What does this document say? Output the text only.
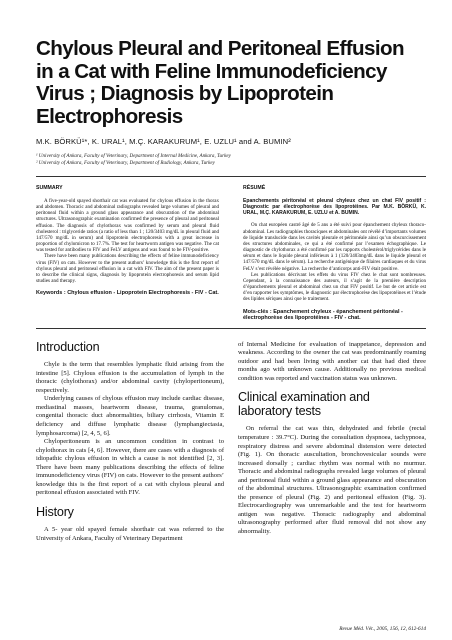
Chylous Pleural and Peritoneal Effusion in a Cat with Feline Immunodeficiency Virus ; Diagnosis by Lipoprotein Electrophoresis
M.K. BÖRKÜ¹*, K. URAL¹, M.Ç. KARAKURUM¹, E. UZLU¹ and A. BUMIN²
¹ University of Ankara, Faculty of Veterinary, Department of Internal Medicine, Ankara, Turkey
² University of Ankara, Faculty of Veterinary, Department of Radiology, Ankara, Turkey
SUMMARY

A five-year-old spayed shorthair cat was evaluated for chylous effusion in the thorax and abdomen. Thoracic and abdominal radiographs revealed large volumes of pleural and peritoneal fluid within a ground glass appearance and obscuration of the abdominal structures. Ultrasonographic examination confirmed the presence of pleural and peritoneal effusion. The diagnosis of chylothorax was confirmed by serum and pleural fluid cholesterol : triglyceride ratios (a ratio of less than 1 ; 120/3403 mg/dL in pleural fluid and 147/570 mg/dL in serum) and lipoprotein electrophoresis with a great increase in proportion of chylomicron to 17.7%. The test for heartworm antigen was negative. The cat was tested for antibodies to FIV and FeLV antigens and was found to be FIV-positive.

There have been many publications describing the effects of feline immunodeficiency virus (FIV) on cats. However to the present authors’ knowledge this is the first report of chylous pleural and peritoneal effusion in a cat with FIV. The aim of the present paper is to describe the clinical signs, diagnosis by lipoprotein electrophoresis and serum lipid studies and therapy.

Keywords : Chylous effusion - Lipoprotein Electrophoresis - FIV - Cat.
RÉSUMÉ

Epanchements péritonéal et pleural chyleux chez un chat FIV positif : Diagnostic par électrophorèse des lipoprotéines. Par M.K. BÖRKÜ, K. URAL, M.Ç. KARAKURUM, E. UZLU et A. BUMIN.

On chat européen castré âgé de 5 ans a été suivi pour épanchement chyleux thoraco-abdominal. Les radiographies thoraciques et abdominales ont révélé d’importants volumes de liquide translucide dans les cavités pleurale et péritonéale ainsi qu’un obscurcissement des structures abdominales, ce qui a été confirmé par l’examen échographique. Le diagnostic de chylothorax a été confirmé par les rapports cholestérol/triglycérides dans le sérum et dans le liquide pleural inférieurs à 1 (120/3403mg/dL dans le liquide pleural et 147/570 mg/dL dans le sérum). La recherche antigénique de filaires cardiaques et du virus FeLV s’est révélée négative. La recherche d’anticorps anti-FIV était positive.

Les publications décrivant les effets du virus FIV chez le chat sont nombreuses. Cependant, à la connaissance des auteurs, il s’agit de la première description d’épanchements pleural et abdominal chez un chat FIV positif. Le but de cet article est d’en rapporter les symptômes, le diagnostic par électrophorèse des lipoprotéines et l’étude des lipides sériques ainsi que le traitement.

Mots-clés : Epanchement chyleux - épanchement péritonéal - électrophorèse des lipoprotéines - FIV - chat.
Introduction

Chyle is the term that resembles lymphatic fluid arising from the intestine [5]. Chylous effusion is the accumulation of lymph in the thoracic (chylothorax) and/or abdominal cavity (chyloperitoneum), respectively.

Underlying causes of chylous effusion may include cardiac disease, mediastinal masses, heartworm disease, trauma, granulomas, congenital thoracic duct abnormalities, biliary cirrhosis, Vitamin E deficiency and diffuse lymphatic disease (lymphangiectasia, lymphosarcoma) [2, 4, 5, 6].

Chyloperitoneum is an uncommon condition in contrast to chylothorax in cats [4, 6]. However, there are cases with a diagnosis of idiopathic chylous effusion in which a cause is not identified [2, 3]. There have been many publications describing the effects of feline immunodeficiency virus (FIV) on cats. However to the present authors’ knowledge this is the first report of a cat with chylous pleural and peritoneal effusion associated with FIV.

History

A 5- year old spayed female shorthair cat was referred to the University of Ankara, Faculty of Veterinary Department

of Internal Medicine for evaluation of inappetance, depression and weakness. According to the owner the cat was predominantly roaming outdoor and had been living with another cat that had died three months ago with unknown cause. Additionally no previous medical condition was reported and vaccination status was unknown.

Clinical examination and laboratory tests

On referral the cat was thin, dehydrated and febrile (rectal temperature : 39.7°C). During the consultation dyspnoea, tachypnoea, respiratory distress and severe abdominal distension were detected (Fig. 1). On thoracic auscultation, bronchovesicular sounds were increased dorsally ; cardiac rhythm was normal with no murmur. Thoracic and abdominal radiographs revealed large volumes of pleural and peritoneal fluid within a ground glass appearance and obscuration of the abdominal structures. Ultrasonographic examination confirmed the presence of pleural (Fig. 2) and peritoneal effusion (Fig. 3). Electrocardiography was unremarkable and the test for heartworm antigen was negative. Thoracic radiography and abdominal ultrasonography performed after fluid removal did not show any abnormality.

Revue Méd. Vét., 2005, 156, 12, 612-614
